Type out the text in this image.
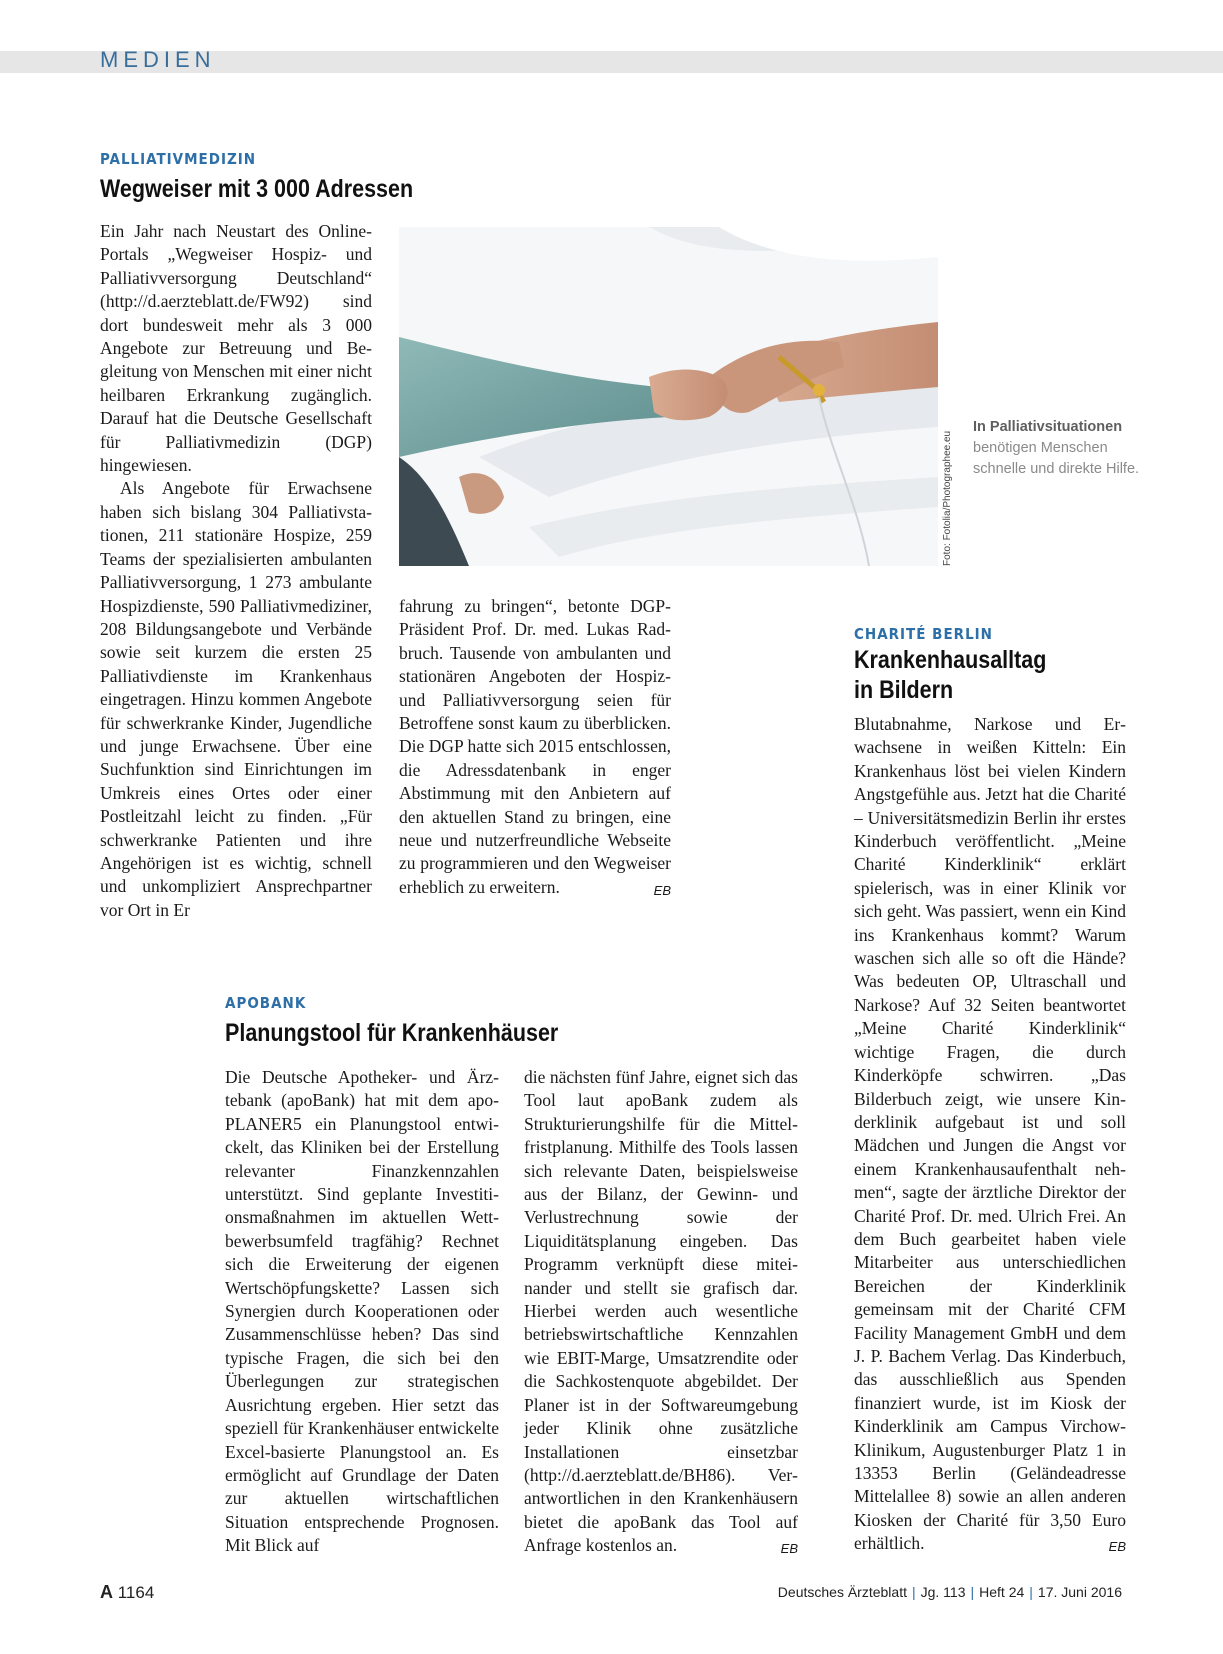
MEDIEN
PALLIATIVMEDIZIN
Wegweiser mit 3 000 Adressen

Ein Jahr nach Neustart des Online-Portals „Wegweiser Hospiz- und Palliativversorgung Deutschland“ (http://d.aerzteblatt.de/FW92) sind dort bundesweit mehr als 3 000 Angebote zur Betreuung und Begleitung von Menschen mit einer nicht heilbaren Erkrankung zugänglich. Darauf hat die Deutsche Gesellschaft für Palliativmedizin (DGP) hingewiesen.

Als Angebote für Erwachsene haben sich bislang 304 Palliativstationen, 211 stationäre Hospize, 259 Teams der spezialisierten ambulanten Palliativversorgung, 1 273 ambulante Hospizdienste, 590 Palliativmediziner, 208 Bildungsangebote und Verbände sowie seit kurzem die ersten 25 Palliativdienste im Krankenhaus eingetragen. Hinzu kommen Angebote für schwerkranke Kinder, Jugendliche und junge Erwachsene. Über eine Suchfunktion sind Einrichtungen im Umkreis eines Ortes oder einer Postleitzahl leicht zu finden. „Für schwerkranke Patienten und ihre Angehörigen ist es wichtig, schnell und unkompliziert Ansprechpartner vor Ort in Er

fahrung zu bringen“, betonte DGP-Präsident Prof. Dr. med. Lukas Radbruch. Tausende von ambulanten und stationären Angeboten der Hospiz- und Palliativversorgung seien für Betroffene sonst kaum zu überblicken. Die DGP hatte sich 2015 entschlossen, die Adressdatenbank in enger Abstimmung mit den Anbietern auf den aktuellen Stand zu bringen, eine neue und nutzerfreundliche Webseite zu programmieren und den Wegweiser erheblich zu erweitern.	EB

Foto: Fotolia/Photographee.eu
In Palliativsituationen benötigen Menschen schnelle und direkte Hilfe.
CHARITÉ BERLIN
Krankenhausalltag
in Bildern

Blutabnahme, Narkose und Erwachsene in weißen Kitteln: Ein Krankenhaus löst bei vielen Kindern Angstgefühle aus. Jetzt hat die Charité – Universitätsmedizin Berlin ihr erstes Kinderbuch veröffentlicht. „Meine Charité Kinderklinik“ erklärt spielerisch, was in einer Klinik vor sich geht. Was passiert, wenn ein Kind ins Krankenhaus kommt? Warum waschen sich alle so oft die Hände? Was bedeuten OP, Ultraschall und Narkose? Auf 32 Seiten beantwortet „Meine Charité Kinderklinik“ wichtige Fragen, die durch Kinderköpfe schwirren. „Das Bilderbuch zeigt, wie unsere Kinderklinik aufgebaut ist und soll Mädchen und Jungen die Angst vor einem Krankenhausaufenthalt nehmen“, sagte der ärztliche Direktor der Charité Prof. Dr. med. Ulrich Frei. An dem Buch gearbeitet haben viele Mitarbeiter aus unterschiedlichen Bereichen der Kinderklinik gemeinsam mit der Charité CFM Facility Management GmbH und dem J. P. Bachem Verlag. Das Kinderbuch, das ausschließlich aus Spenden finanziert wurde, ist im Kiosk der Kinderklinik am Campus Virchow-Klinikum, Augustenburger Platz 1 in 13353 Berlin (Geländeadresse Mittelallee 8) sowie an allen anderen Kiosken der Charité für 3,50 Euro erhältlich.	EB

APOBANK
Planungstool für Krankenhäuser

Die Deutsche Apotheker- und Ärztebank (apoBank) hat mit dem apoPLANER5 ein Planungstool entwickelt, das Kliniken bei der Erstellung relevanter Finanzkennzahlen unterstützt. Sind geplante Investitionsmaßnahmen im aktuellen Wettbewerbsumfeld tragfähig? Rechnet sich die Erweiterung der eigenen Wertschöpfungskette? Lassen sich Synergien durch Kooperationen oder Zusammenschlüsse heben? Das sind typische Fragen, die sich bei den Überlegungen zur strategischen Ausrichtung ergeben. Hier setzt das speziell für Krankenhäuser entwickelte Excel-basierte Planungstool an. Es ermöglicht auf Grundlage der Daten zur aktuellen wirtschaftlichen Situation entsprechende Prognosen. Mit Blick auf

die nächsten fünf Jahre, eignet sich das Tool laut apoBank zudem als Strukturierungshilfe für die Mittelfristplanung. Mithilfe des Tools lassen sich relevante Daten, beispielsweise aus der Bilanz, der Gewinn- und Verlustrechnung sowie der Liquiditätsplanung eingeben. Das Programm verknüpft diese miteinander und stellt sie grafisch dar. Hierbei werden auch wesentliche betriebswirtschaftliche Kennzahlen wie EBIT-Marge, Umsatzrendite oder die Sachkostenquote abgebildet. Der Planer ist in der Softwareumgebung jeder Klinik ohne zusätzliche Installationen einsetzbar (http://d.aerzteblatt.de/BH86). Verantwortlichen in den Krankenhäusern bietet die apoBank das Tool auf Anfrage kostenlos an.	EB

A 1164	Deutsches Ärzteblatt | Jg. 113 | Heft 24 | 17. Juni 2016
